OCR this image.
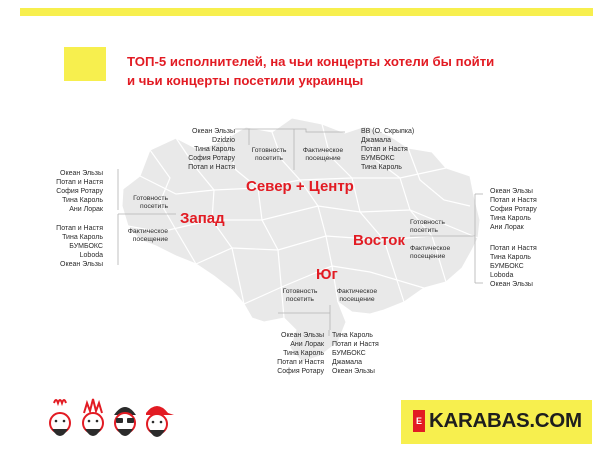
ТОП-5 исполнителей, на чьи концерты хотели бы пойти
и чьи концерты посетили украинцы
Север + Центр
Запад
Восток
Юг
Океан Эльзы
Dzidzio
Тина Кароль
София Ротару
Потап и Настя
Готовность посетить
Фактическое посещение
ВВ (О. Скрыпка)
Джамала
Потап и Настя
БУМБОКС
Тина Кароль
Океан Эльзы
Потап и Настя
София Ротару
Тина Кароль
Ани Лорак
Готовность посетить
Фактическое посещение
Потап и Настя
Тина Кароль
БУМБОКС
Loboda
Океан Эльзы
Готовность посетить
Фактическое посещение
Океан Эльзы
Потап и Настя
София Ротару
Тина Кароль
Ани Лорак
Потап и Настя
Тина Кароль
БУМБОКС
Loboda
Океан Эльзы
Готовность посетить
Фактическое посещение
Океан Эльзы
Ани Лорак
Тина Кароль
Потап и Настя
София Ротару
Тина Кароль
Потап и Настя
БУМБОКС
Джамала
Океан Эльзы
E KARABAS.COM
